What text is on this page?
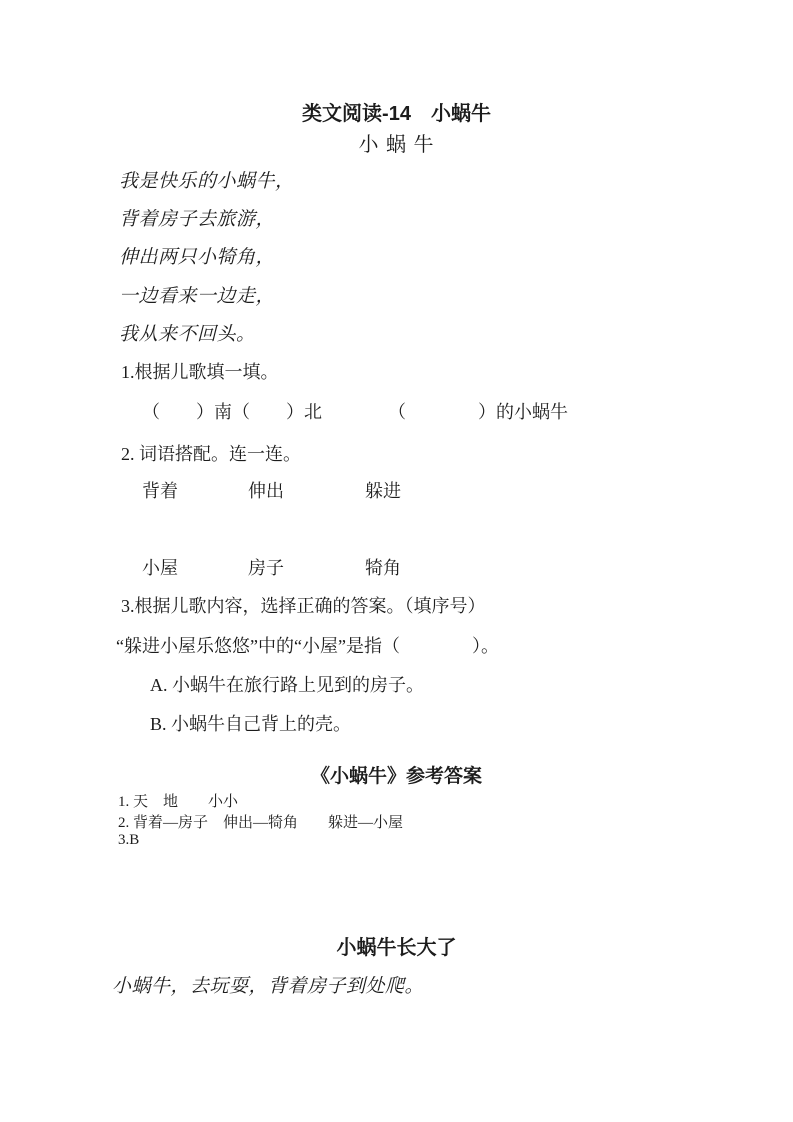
类文阅读-14　小蜗牛
小 蜗 牛
我是快乐的小蜗牛，
背着房子去旅游，
伸出两只小犄角，
一边看来一边走，
我从来不回头。
1.根据儿歌填一填。
（　　）南（　　）北	（　　　　）的小蜗牛
2. 词语搭配。连一连。
背着	伸出	躲进
小屋	房子	犄角
3.根据儿歌内容，选择正确的答案。（填序号）
“躲进小屋乐悠悠”中的“小屋”是指（　　　　）。
A. 小蜗牛在旅行路上见到的房子。
B. 小蜗牛自己背上的壳。
《小蜗牛》参考答案
1. 天　地　　小小
2. 背着—房子　伸出—犄角　　躲进—小屋
3.B
小蜗牛长大了
小蜗牛，去玩耍，背着房子到处爬。
